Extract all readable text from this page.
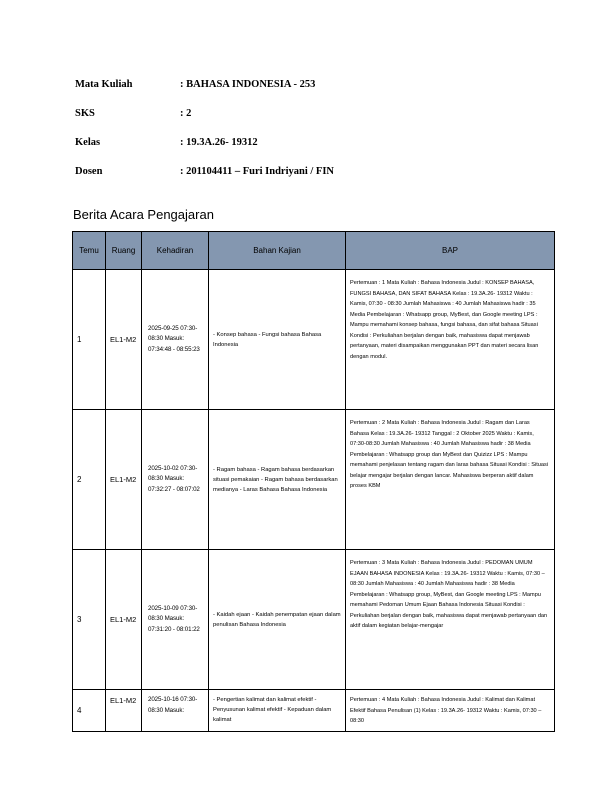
Mata Kuliah	: BAHASA INDONESIA - 253
SKS	: 2
Kelas	: 19.3A.26- 19312
Dosen	: 201104411 – Furi Indriyani / FIN
Berita Acara Pengajaran
Temu	Ruang	Kehadiran	Bahan Kajian	BAP
1	EL1-M2	2025-09-25 07:30-08:30 Masuk: 07:34:48 - 08:55:23	- Konsep bahasa - Fungsi bahasa Bahasa Indonesia	Pertemuan : 1 Mata Kuliah : Bahasa Indonesia Judul : KONSEP BAHASA, FUNGSI BAHASA, DAN SIFAT BAHASA Kelas : 19.3A.26- 19312 Waktu : Kamis, 07:30 - 08:30 Jumlah Mahasiswa : 40 Jumlah Mahasiswa hadir : 35 Media Pembelajaran : Whatsapp group, MyBest, dan Google meeting LPS : Mampu memahami konsep bahasa, fungsi bahasa, dan sifat bahasa Situasi Kondisi : Perkuliahan berjalan dengan baik, mahasiswa dapat menjawab pertanyaan, materi disampaikan menggunakan PPT dan materi secara lisan dengan modul.
2	EL1-M2	2025-10-02 07:30-08:30 Masuk: 07:32:27 - 08:07:02	- Ragam bahasa - Ragam bahasa berdasarkan situasi pemakaian - Ragam bahasa berdasarkan medianya - Laras Bahasa Bahasa Indonesia	Pertemuan : 2 Mata Kuliah : Bahasa Indonesia Judul : Ragam dan Laras Bahasa Kelas : 19.3A.26- 19312 Tanggal : 2 Oktober 2025 Waktu : Kamis, 07:30-08:30 Jumlah Mahasiswa : 40 Jumlah Mahasiswa hadir : 38 Media Pembelajaran : Whatsapp group dan MyBest dan Quizizz LPS : Mampu memahami penjelasan tentang ragam dan laras bahasa Situasi Kondisi : Situasi belajar mengajar berjalan dengan lancar. Mahasiswa berperan aktif dalam proses KBM
3	EL1-M2	2025-10-09 07:30-08:30 Masuk: 07:31:20 - 08:01:22	- Kaidah ejaan - Kaidah penempatan ejaan dalam penulisan Bahasa Indonesia	Pertemuan : 3 Mata Kuliah : Bahasa Indonesia Judul : PEDOMAN UMUM EJAAN BAHASA INDONESIA Kelas : 19.3A.26- 19312 Waktu : Kamis, 07:30 – 08:30 Jumlah Mahasiswa : 40 Jumlah Mahasiswa hadir : 38 Media Pembelajaran : Whatsapp group, MyBest, dan Google meeting LPS : Mampu memahami Pedoman Umum Ejaan Bahasa Indonesia Situasi Kondisi : Perkuliahan berjalan dengan baik, mahasiswa dapat menjawab pertanyaan dan aktif dalam kegiatan belajar-mengajar
4	EL1-M2	2025-10-16 07:30-08:30 Masuk:	- Pengertian kalimat dan kalimat efektif - Penyusunan kalimat efektif - Kepaduan dalam kalimat	Pertemuan : 4 Mata Kuliah : Bahasa Indonesia Judul : Kalimat dan Kalimat Efektif Bahasa Penulisan (1) Kelas : 19.3A.26- 19312 Waktu : Kamis, 07:30 – 08:30
